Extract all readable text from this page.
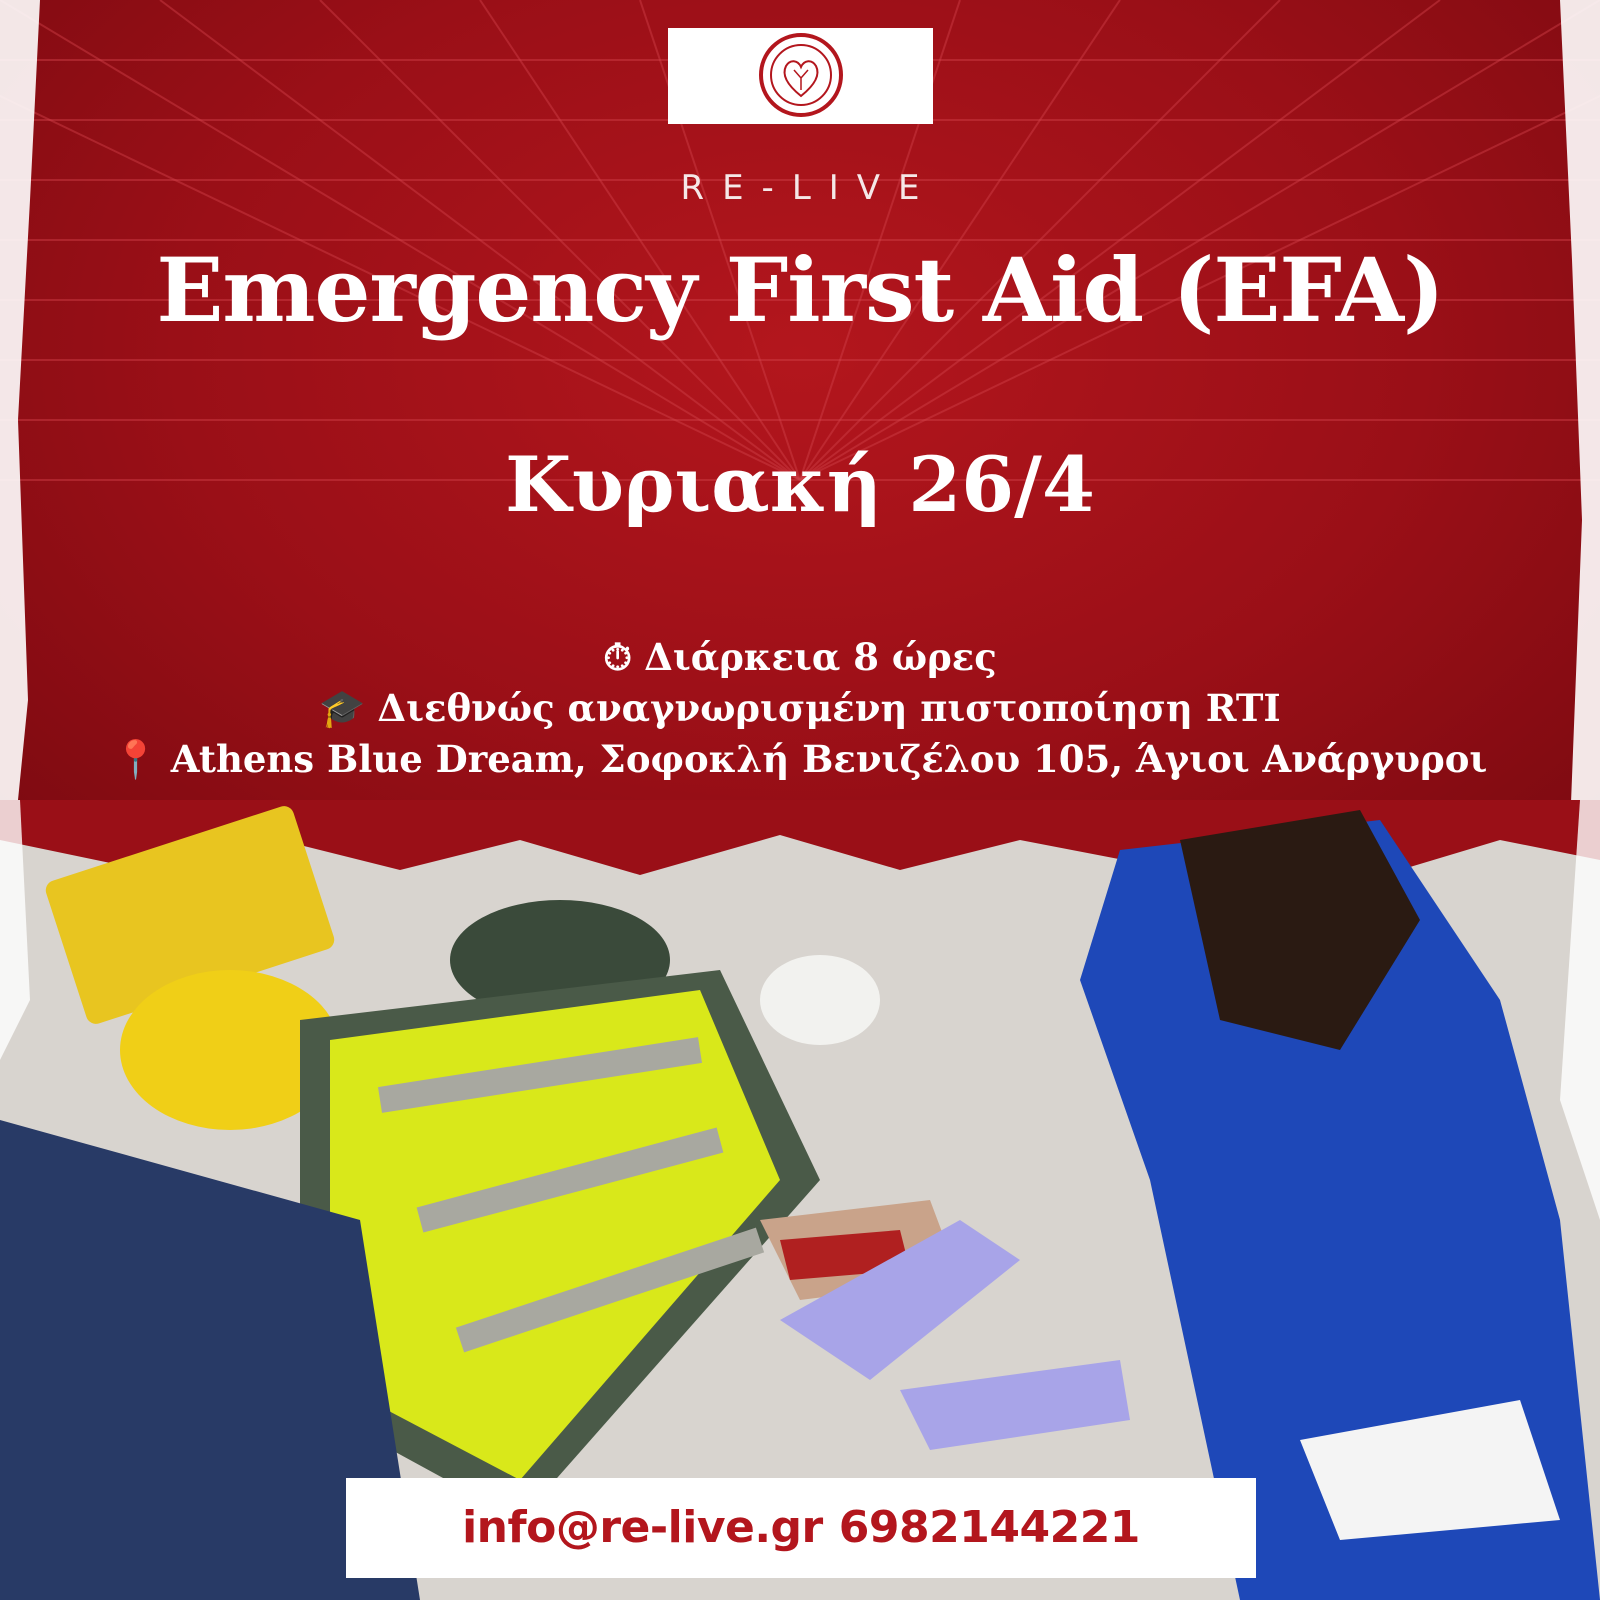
RE-LIVE
Emergency First Aid (EFA)
Κυριακή 26/4
⏱ Διάρκεια 8 ώρες
🎓 Διεθνώς αναγνωρισμένη πιστοποίηση RTI
📍 Athens Blue Dream, Σοφοκλή Βενιζέλου 105, Άγιοι Ανάργυροι
info@re-live.gr 6982144221
